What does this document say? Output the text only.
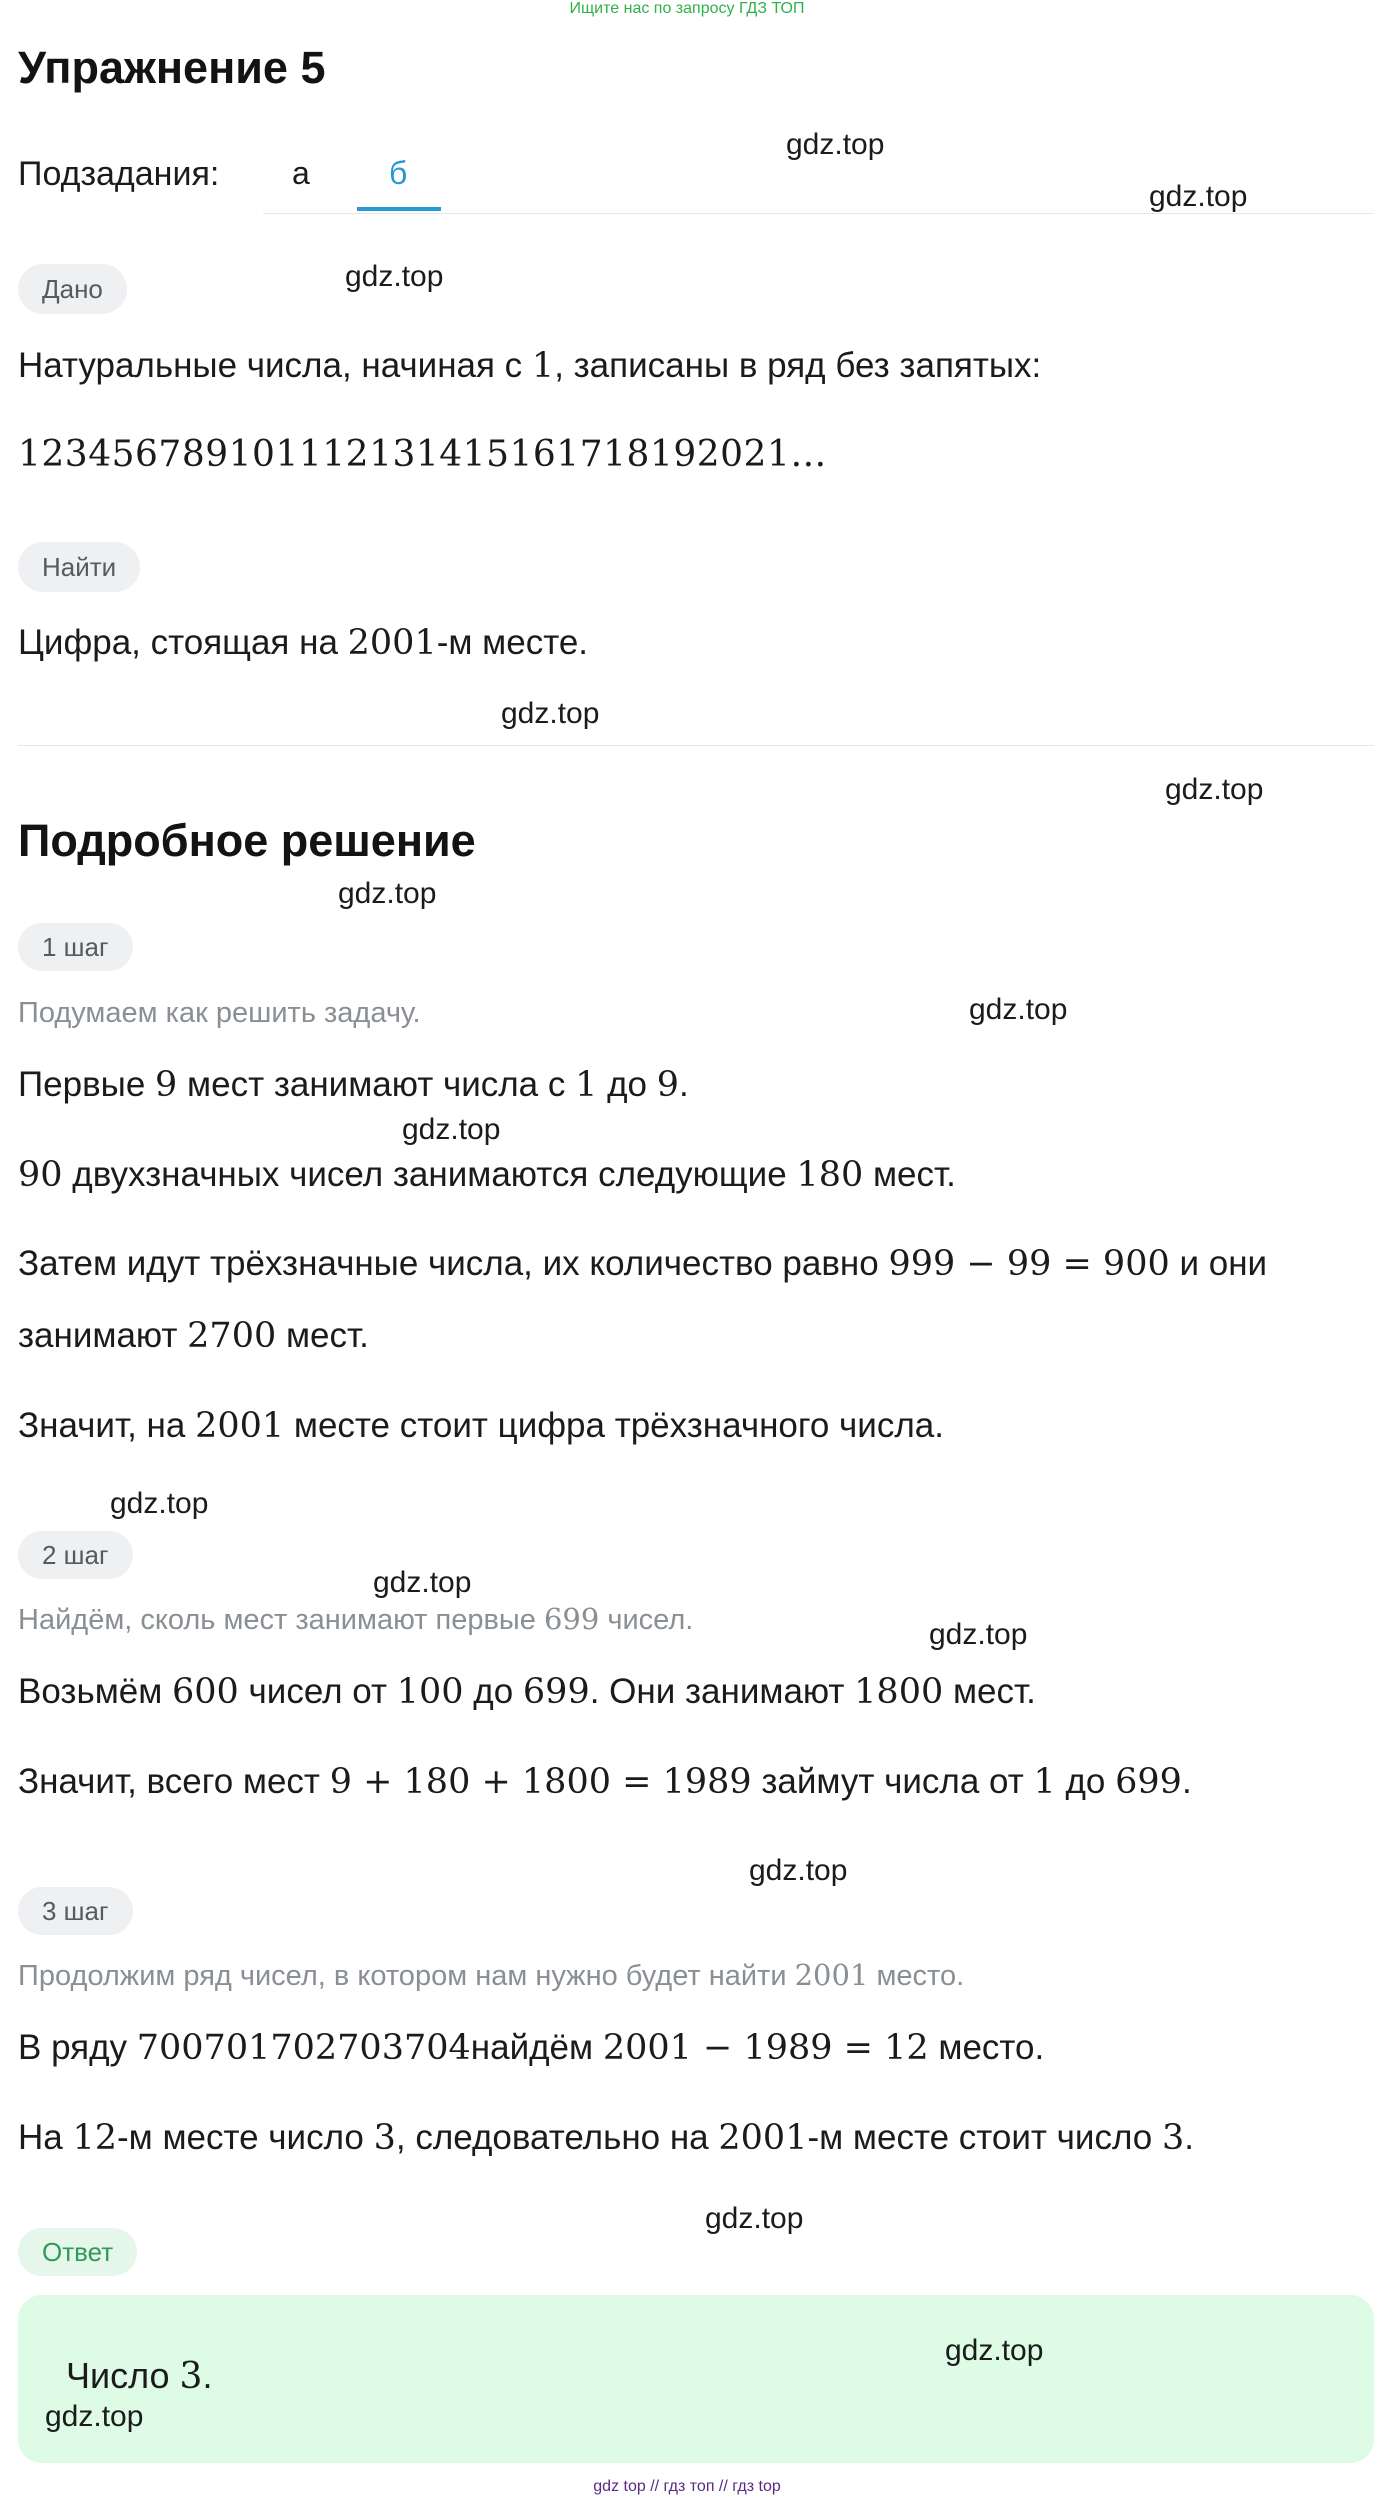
Ищите нас по запросу ГДЗ ТОП
Упражнение 5
Подзадания: а б
Дано
Натуральные числа, начиная с 1, записаны в ряд без запятых:
1234567891011121314151617181920​21…
Найти
Цифра, стоящая на 2001-м месте.
Подробное решение
1 шаг
Подумаем как решить задачу.
Первые 9 мест занимают числа с 1 до 9.
90 двухзначных чисел занимаются следующие 180 мест.
Затем идут трёхзначные числа, их количество равно 999 − 99 = 900 и они
занимают 2700 мест.
Значит, на 2001 месте стоит цифра трёхзначного числа.
2 шаг
Найдём, сколь мест занимают первые 699 чисел.
Возьмём 600 чисел от 100 до 699. Они занимают 1800 мест.
Значит, всего мест 9 + 180 + 1800 = 1989 займут числа от 1 до 699.
3 шаг
Продолжим ряд чисел, в котором нам нужно будет найти 2001 место.
В ряду 700701702703704найдём 2001 − 1989 = 12 место.
На 12-м месте число 3, следовательно на 2001-м месте стоит число 3.
Ответ
Число 3.
gdz.top
gdz.top
gdz.top
gdz.top
gdz.top
gdz.top
gdz.top
gdz.top
gdz.top
gdz.top
gdz.top
gdz.top
gdz.top
gdz.top
gdz.top
gdz top // гдз топ // гдз top
